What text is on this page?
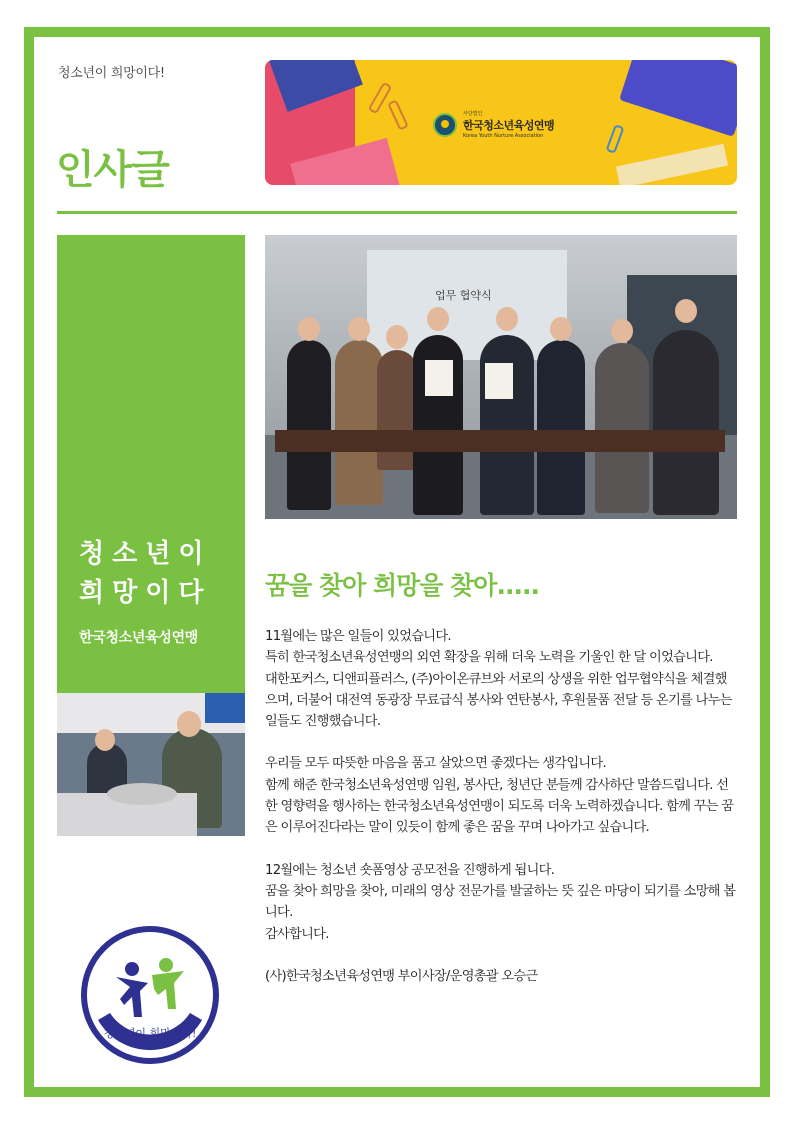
청소년이 희망이다!
인사글
사단법인
한국청소년육성연맹
Korea Youth Nurture Association
청소년이
희망이다
한국청소년육성연맹
업무 협약식
청소년이 희망이다!
꿈을 찾아 희망을 찾아.....

11월에는 많은 일들이 있었습니다.

특히 한국청소년육성연맹의 외연 확장을 위해 더욱 노력을 기울인 한 달 이었습니다.

대한포커스, 디앤피플러스, (주)아이온큐브와 서로의 상생을 위한 업무협약식을 체결했으며, 더불어 대전역 동광장 무료급식 봉사와 연탄봉사, 후원물품 전달 등 온기를 나누는 일들도 진행했습니다.

우리들 모두 따뜻한 마음을 품고 살았으면 좋겠다는 생각입니다.

함께 해준 한국청소년육성연맹 임원, 봉사단, 청년단 분들께 감사하단 말씀드립니다. 선한 영향력을 행사하는 한국청소년육성연맹이 되도록 더욱 노력하겠습니다. 함께 꾸는 꿈은 이루어진다라는 말이 있듯이 함께 좋은 꿈을 꾸며 나아가고 싶습니다.

12월에는 청소년 숏폼영상 공모전을 진행하게 됩니다.

꿈을 찾아 희망을 찾아, 미래의 영상 전문가를 발굴하는 뜻 깊은 마당이 되기를 소망해 봅니다.

감사합니다.

(사)한국청소년육성연맹 부이사장/운영총괄 오승근
